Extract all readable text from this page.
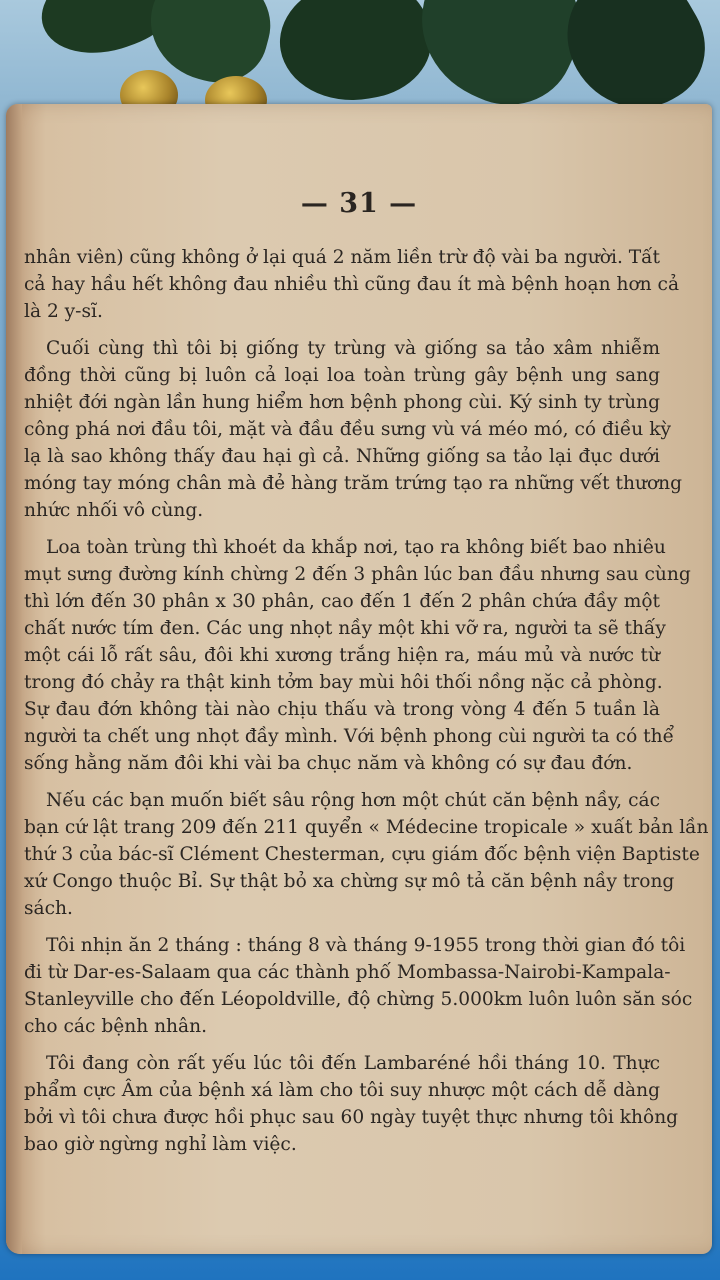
— 31 —
nhân viên) cũng không ở lại quá 2 năm liền trừ độ vài ba người. Tất
cả hay hầu hết không đau nhiều thì cũng đau ít mà bệnh hoạn hơn cả
là 2 y-sĩ.
Cuối cùng thì tôi bị giống ty trùng và giống sa tảo xâm nhiễm
đồng thời cũng bị luôn cả loại loa toàn trùng gây bệnh ung sang
nhiệt đới ngàn lần hung hiểm hơn bệnh phong cùi. Ký sinh ty trùng
công phá nơi đầu tôi, mặt và đầu đều sưng vù vá méo mó, có điều kỳ
lạ là sao không thấy đau hại gì cả. Những giống sa tảo lại đục dưới
móng tay móng chân mà đẻ hàng trăm trứng tạo ra những vết thương
nhức nhối vô cùng.
Loa toàn trùng thì khoét da khắp nơi, tạo ra không biết bao nhiêu
mụt sưng đường kính chừng 2 đến 3 phân lúc ban đầu nhưng sau cùng
thì lớn đến 30 phân x 30 phân, cao đến 1 đến 2 phân chứa đầy một
chất nước tím đen. Các ung nhọt nầy một khi vỡ ra, người ta sẽ thấy
một cái lỗ rất sâu, đôi khi xương trắng hiện ra, máu mủ và nước từ
trong đó chảy ra thật kinh tởm bay mùi hôi thối nồng nặc cả phòng.
Sự đau đớn không tài nào chịu thấu và trong vòng 4 đến 5 tuần là
người ta chết ung nhọt đầy mình. Với bệnh phong cùi người ta có thể
sống hằng năm đôi khi vài ba chục năm và không có sự đau đớn.
Nếu các bạn muốn biết sâu rộng hơn một chút căn bệnh nầy, các
bạn cứ lật trang 209 đến 211 quyển « Médecine tropicale » xuất bản lần
thứ 3 của bác-sĩ Clément Chesterman, cựu giám đốc bệnh viện Baptiste
xứ Congo thuộc Bỉ. Sự thật bỏ xa chừng sự mô tả căn bệnh nầy trong
sách.
Tôi nhịn ăn 2 tháng : tháng 8 và tháng 9-1955 trong thời gian đó tôi
đi từ Dar-es-Salaam qua các thành phố Mombassa-Nairobi-Kampala-
Stanleyville cho đến Léopoldville, độ chừng 5.000km luôn luôn săn sóc
cho các bệnh nhân.
Tôi đang còn rất yếu lúc tôi đến Lambaréné hồi tháng 10. Thực
phẩm cực Âm của bệnh xá làm cho tôi suy nhược một cách dễ dàng
bởi vì tôi chưa được hồi phục sau 60 ngày tuyệt thực nhưng tôi không
bao giờ ngừng nghỉ làm việc.
